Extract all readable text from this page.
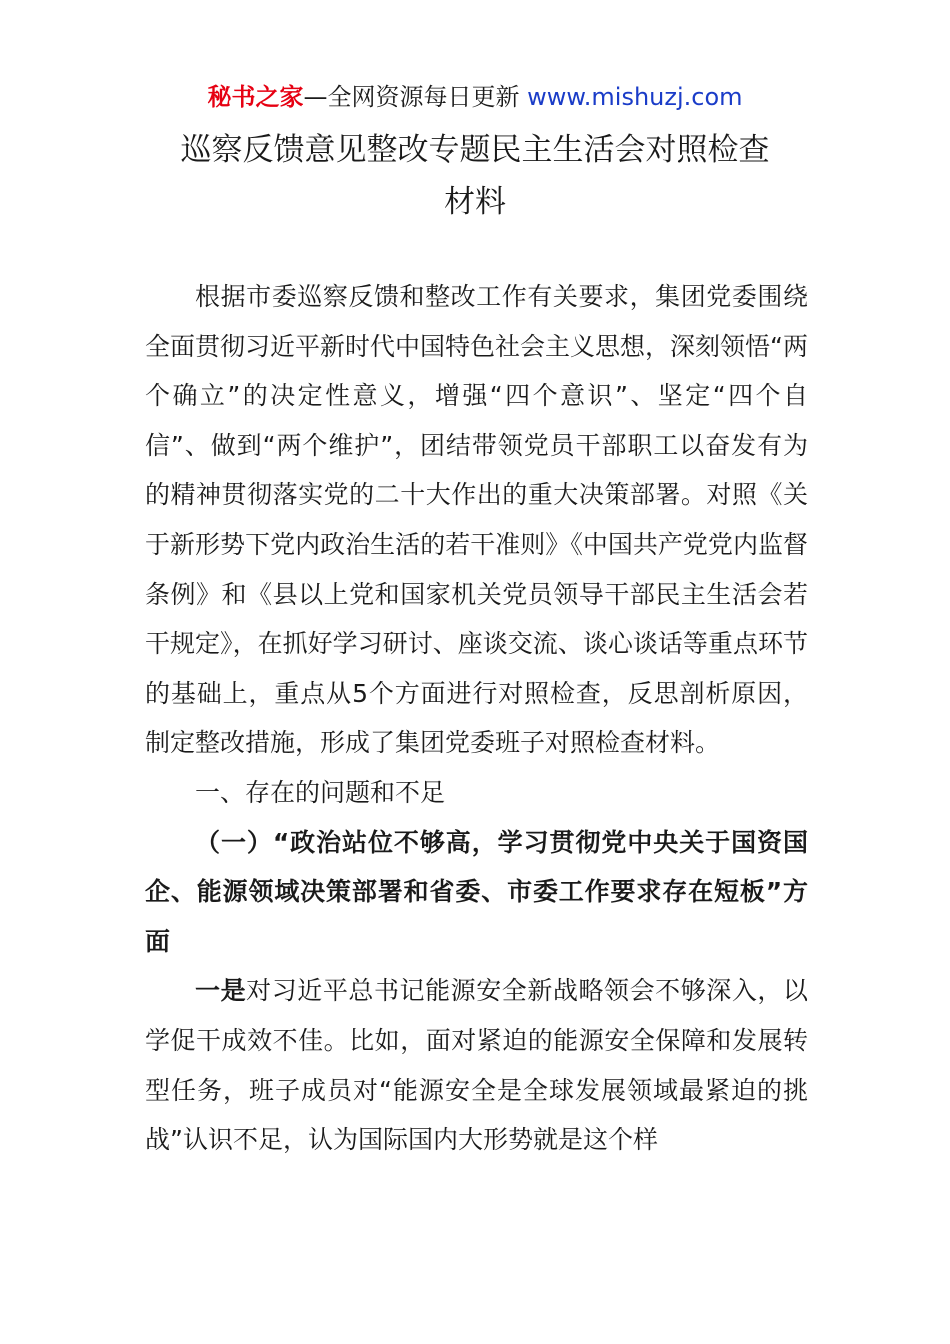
秘书之家—全网资源每日更新 www.mishuzj.com
巡察反馈意见整改专题民主生活会对照检查
材料

根据市委巡察反馈和整改工作有关要求，集团党委围绕全面贯彻习近平新时代中国特色社会主义思想，深刻领悟“两个确立”的决定性意义，增强“四个意识”、坚定“四个自信”、做到“两个维护”，团结带领党员干部职工以奋发有为的精神贯彻落实党的二十大作出的重大决策部署。对照《关于新形势下党内政治生活的若干准则》《中国共产党党内监督条例》和《县以上党和国家机关党员领导干部民主生活会若干规定》，在抓好学习研讨、座谈交流、谈心谈话等重点环节的基础上，重点从5个方面进行对照检查，反思剖析原因，制定整改措施，形成了集团党委班子对照检查材料。

一、存在的问题和不足

（一）“政治站位不够高，学习贯彻党中央关于国资国企、能源领域决策部署和省委、市委工作要求存在短板”方面

一是对习近平总书记能源安全新战略领会不够深入，以学促干成效不佳。比如，面对紧迫的能源安全保障和发展转型任务，班子成员对“能源安全是全球发展领域最紧迫的挑战”认识不足，认为国际国内大形势就是这个样
